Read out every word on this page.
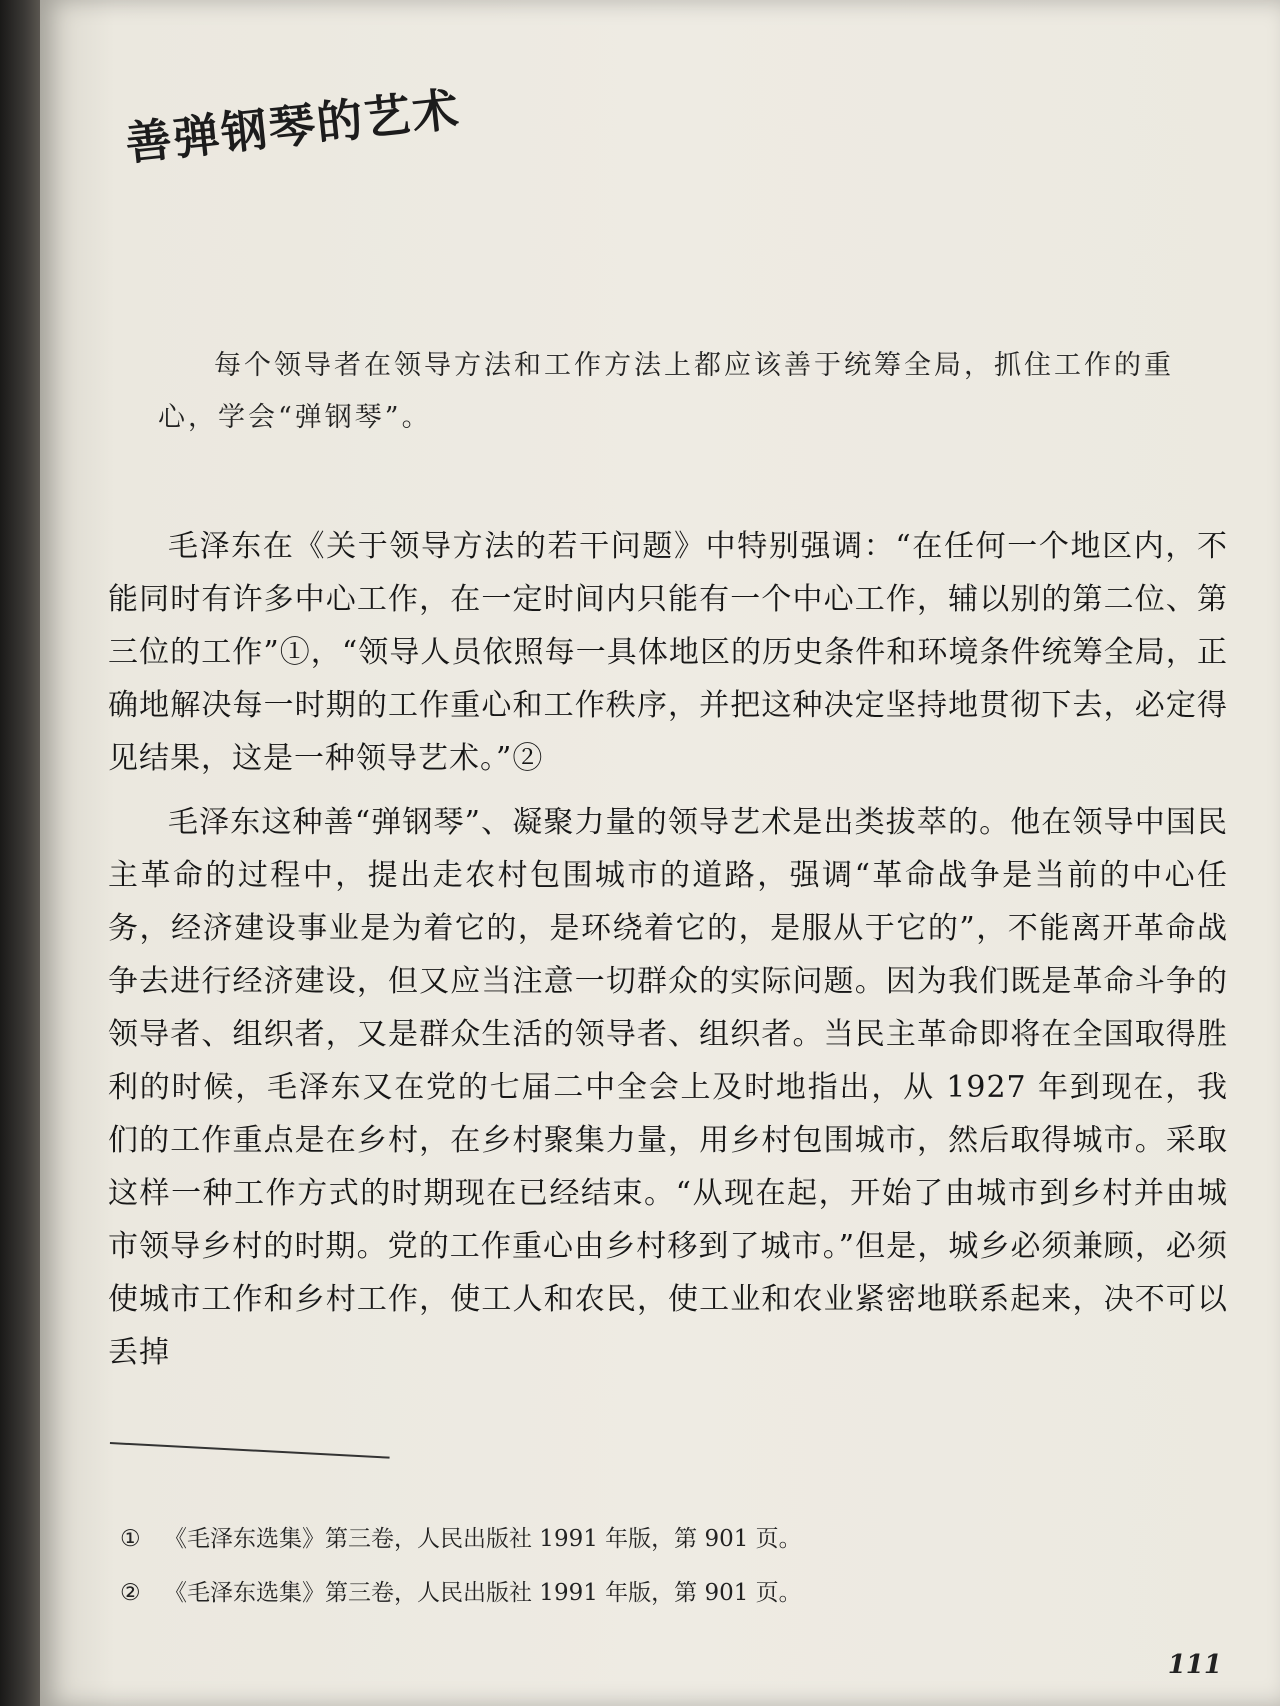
善弹钢琴的艺术

每个领导者在领导方法和工作方法上都应该善于统筹全局，抓住工作的重心，学会“弹钢琴”。

毛泽东在《关于领导方法的若干问题》中特别强调：“在任何一个地区内，不能同时有许多中心工作，在一定时间内只能有一个中心工作，辅以别的第二位、第三位的工作”①，“领导人员依照每一具体地区的历史条件和环境条件统筹全局，正确地解决每一时期的工作重心和工作秩序，并把这种决定坚持地贯彻下去，必定得见结果，这是一种领导艺术。”②

毛泽东这种善“弹钢琴”、凝聚力量的领导艺术是出类拔萃的。他在领导中国民主革命的过程中，提出走农村包围城市的道路，强调“革命战争是当前的中心任务，经济建设事业是为着它的，是环绕着它的，是服从于它的”，不能离开革命战争去进行经济建设，但又应当注意一切群众的实际问题。因为我们既是革命斗争的领导者、组织者，又是群众生活的领导者、组织者。当民主革命即将在全国取得胜利的时候，毛泽东又在党的七届二中全会上及时地指出，从 1927 年到现在，我们的工作重点是在乡村，在乡村聚集力量，用乡村包围城市，然后取得城市。采取这样一种工作方式的时期现在已经结束。“从现在起，开始了由城市到乡村并由城市领导乡村的时期。党的工作重心由乡村移到了城市。”但是，城乡必须兼顾，必须使城市工作和乡村工作，使工人和农民，使工业和农业紧密地联系起来，决不可以丢掉

① 《毛泽东选集》第三卷，人民出版社 1991 年版，第 901 页。
② 《毛泽东选集》第三卷，人民出版社 1991 年版，第 901 页。
111
